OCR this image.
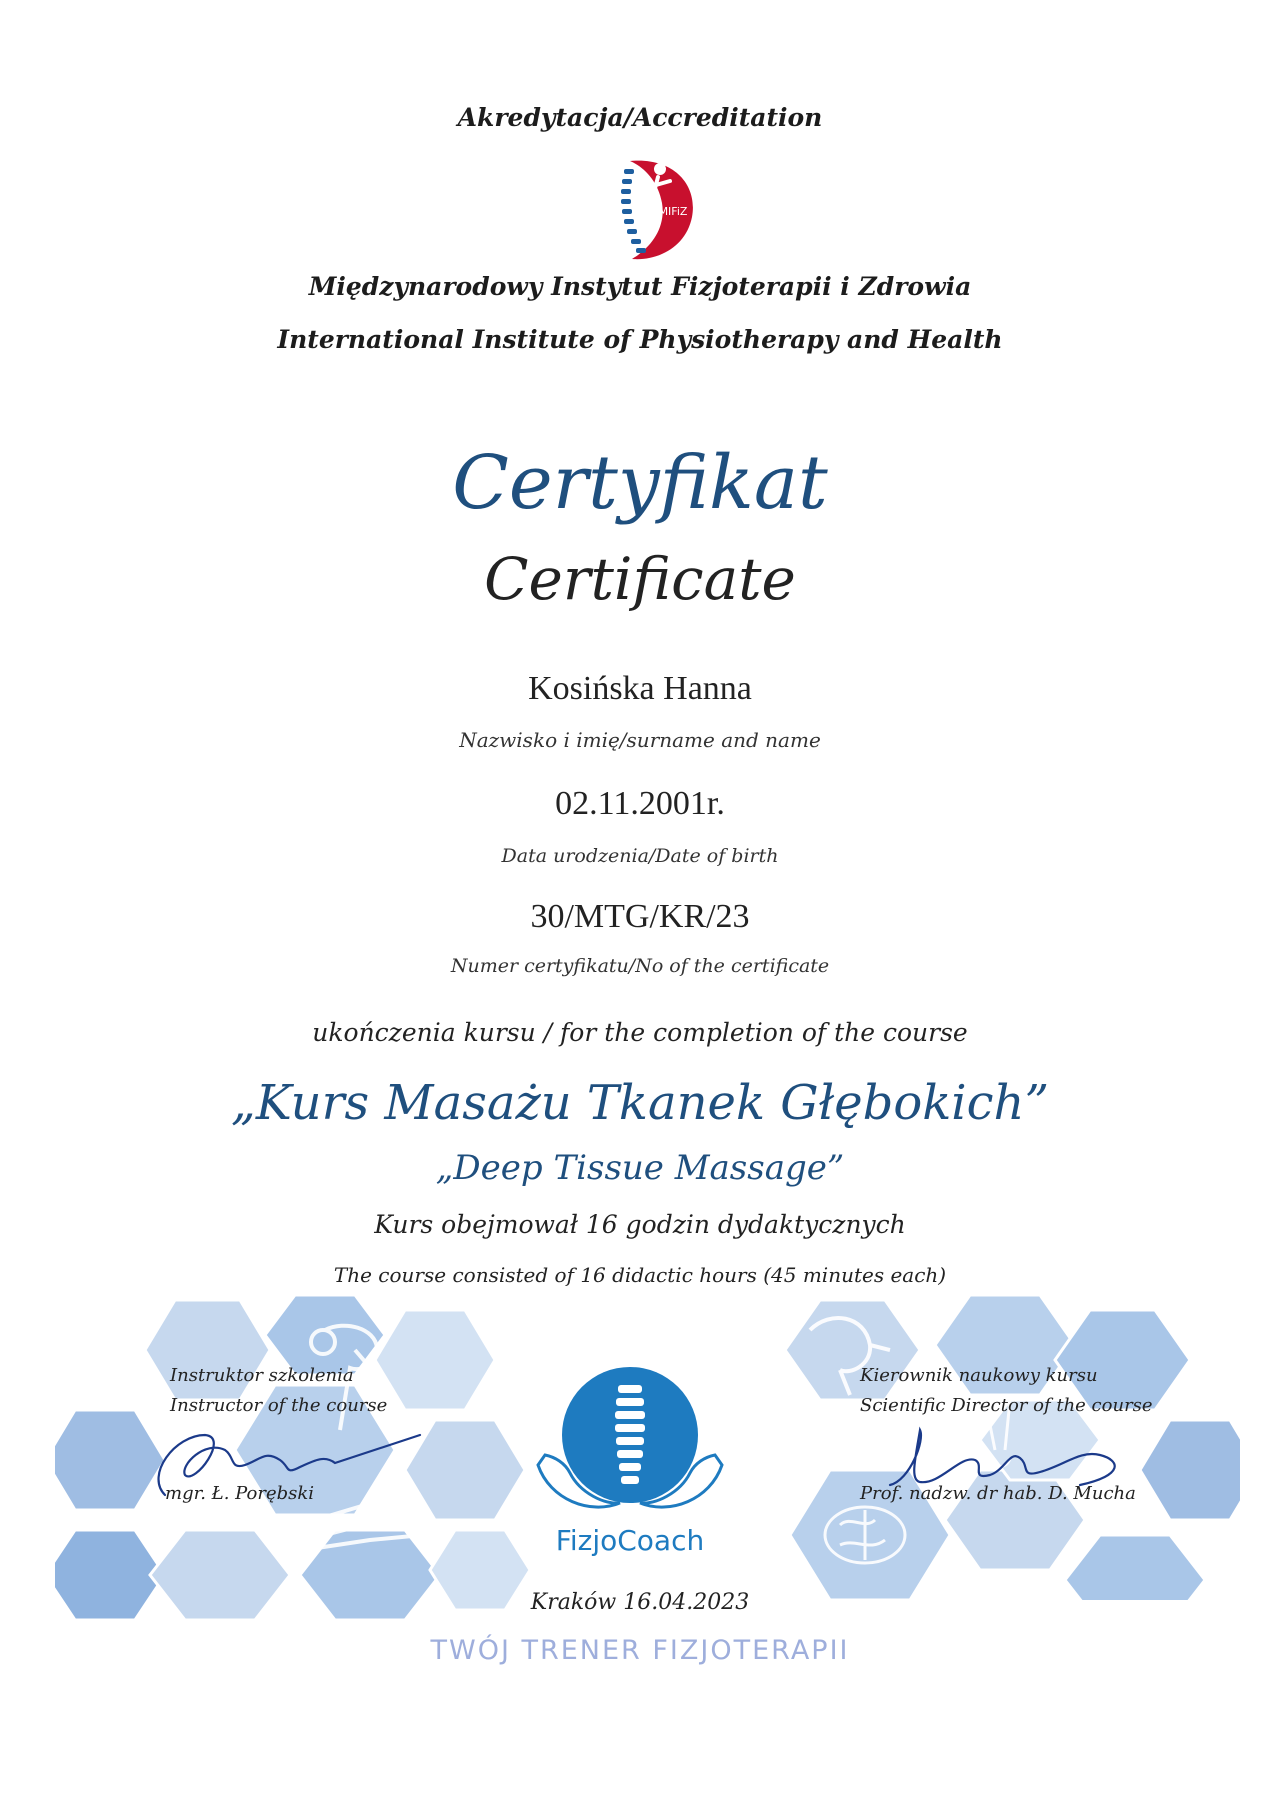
Akredytacja/Accreditation
MIFiZ
Międzynarodowy Instytut Fizjoterapii i Zdrowia
International Institute of Physiotherapy and Health
Certyfikat
Certificate
Kosińska Hanna
Nazwisko i imię/surname and name
02.11.2001r.
Data urodzenia/Date of birth
30/MTG/KR/23
Numer certyfikatu/No of the certificate
ukończenia kursu / for the completion of the course
„Kurs Masażu Tkanek Głębokich”
„Deep Tissue Massage”
Kurs obejmował 16 godzin dydaktycznych
The course consisted of 16 didactic hours (45 minutes each)
Instruktor szkolenia
Instructor of the course
mgr. Ł. Porębski
Kierownik naukowy kursu
Scientific Director of the course
Prof. nadzw. dr hab. D. Mucha
FizjoCoach
Kraków 16.04.2023
TWÓJ TRENER FIZJOTERAPII
